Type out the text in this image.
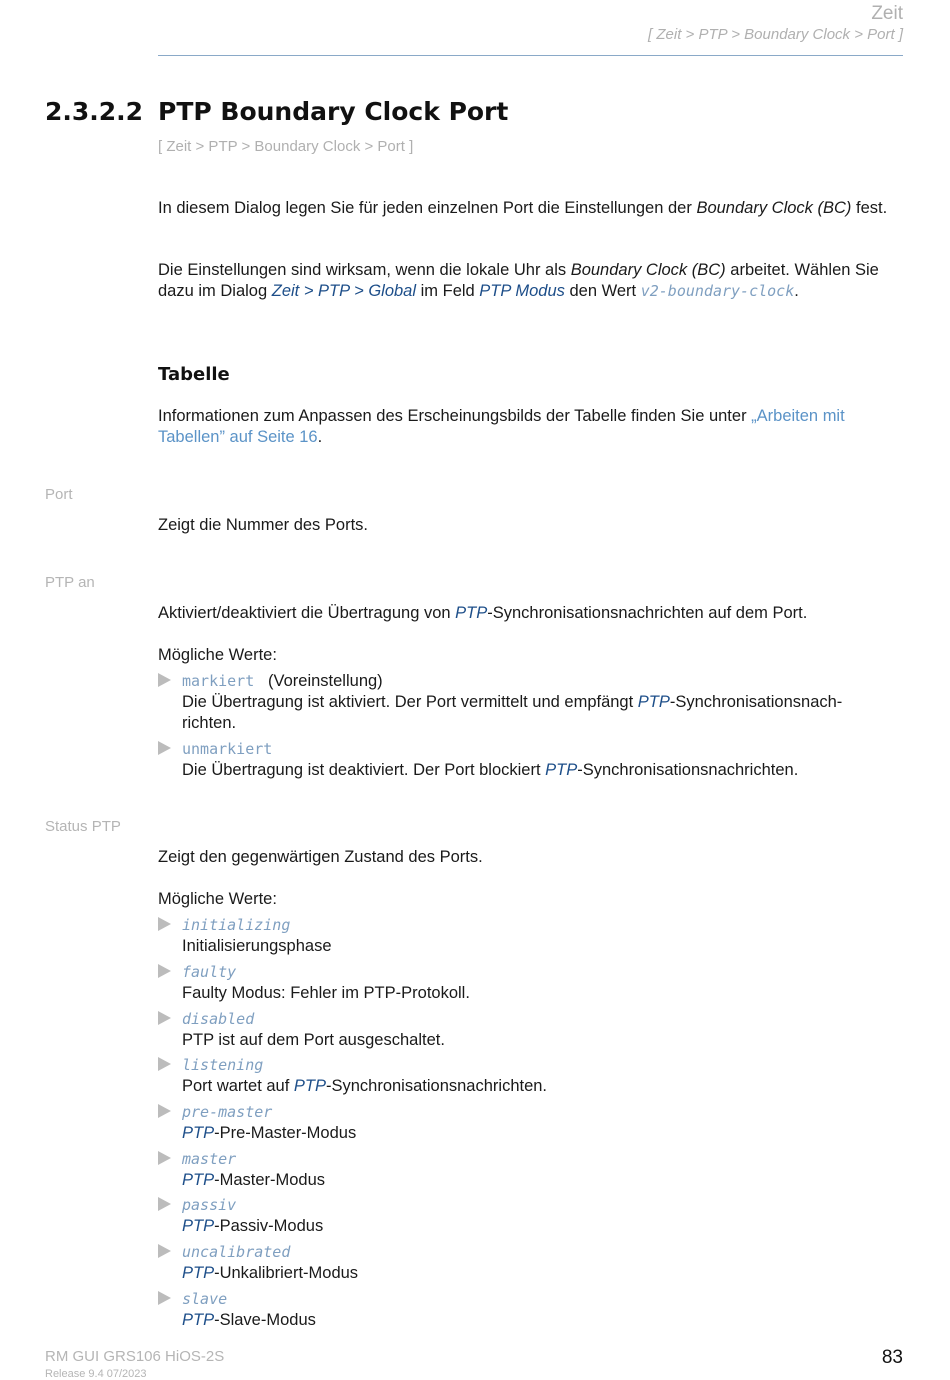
Zeit
[ Zeit > PTP > Boundary Clock > Port ]
2.3.2.2 PTP Boundary Clock Port
[ Zeit > PTP > Boundary Clock > Port ]
In diesem Dialog legen Sie für jeden einzelnen Port die Einstellungen der Boundary Clock (BC) fest.
Die Einstellungen sind wirksam, wenn die lokale Uhr als Boundary Clock (BC) arbeitet. Wählen Sie dazu im Dialog Zeit > PTP > Global im Feld PTP Modus den Wert v2-boundary-clock.
Tabelle
Informationen zum Anpassen des Erscheinungsbilds der Tabelle finden Sie unter „Arbeiten mit Tabellen” auf Seite 16.
Port
Zeigt die Nummer des Ports.
PTP an
Aktiviert/deaktiviert die Übertragung von PTP-Synchronisationsnachrichten auf dem Port.
Mögliche Werte:
markiert (Voreinstellung)
Die Übertragung ist aktiviert. Der Port vermittelt und empfängt PTP-Synchronisationsnach- richten.
unmarkiert
Die Übertragung ist deaktiviert. Der Port blockiert PTP-Synchronisationsnachrichten.
Status PTP
Zeigt den gegenwärtigen Zustand des Ports.
Mögliche Werte:
initializing
Initialisierungsphase
faulty
Faulty Modus: Fehler im PTP-Protokoll.
disabled
PTP ist auf dem Port ausgeschaltet.
listening
Port wartet auf PTP-Synchronisationsnachrichten.
pre-master
PTP-Pre-Master-Modus
master
PTP-Master-Modus
passiv
PTP-Passiv-Modus
uncalibrated
PTP-Unkalibriert-Modus
slave
PTP-Slave-Modus
RM GUI GRS106 HiOS-2S
Release 9.4 07/2023
83
